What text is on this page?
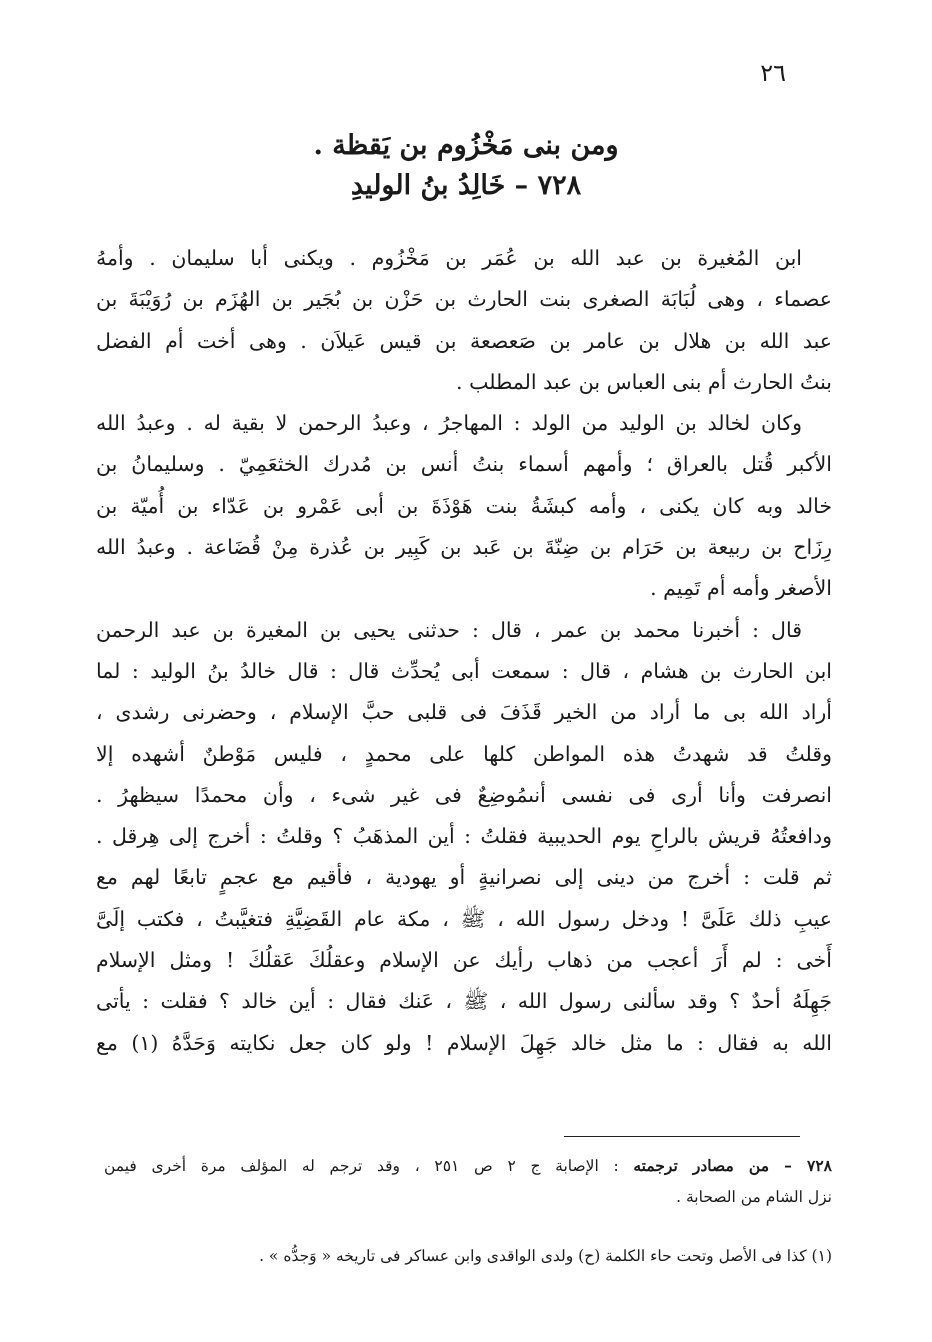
٢٦
ومن بنى مَخْزُوم بن يَقظة .
٧٢٨ – خَالِدُ بنُ الوليدِ
ابن المُغيرة بن عبد الله بن عُمَر بن مَخْزُوم . ويكنى أبا سليمان . وأمهُ
عصماء ، وهى لُبَابَة الصغرى بنت الحارث بن حَزْن بن بُجَير بن الهُزَم بن رُوَيْبَةَ بن
عبد الله بن هلال بن عامر بن صَعصعة بن قيس عَيلاَن . وهى أخت أم الفضل
بنتُ الحارث أم بنى العباس بن عبد المطلب .
وكان لخالد بن الوليد من الولد : المهاجرُ ، وعبدُ الرحمن لا بقية له . وعبدُ الله
الأكبر قُتل بالعراق ؛ وأمهم أسماء بنتُ أنس بن مُدرك الخثعَمِيّ . وسليمانُ بن
خالد وبه كان يكنى ، وأمه كبشَةُ بنت هَوْذَةَ بن أبى عَمْرو بن عَدّاء بن أُميّة بن
رِزَاح بن ربيعة بن حَرَام بن ضِنّةَ بن عَبد بن كَبِير بن عُذرة مِنْ قُضَاعة . وعبدُ الله
الأصغر وأمه أم تَمِيم .
قال : أخبرنا محمد بن عمر ، قال : حدثنى يحيى بن المغيرة بن عبد الرحمن
ابن الحارث بن هشام ، قال : سمعت أبى يُحدِّث قال : قال خالدُ بنُ الوليد : لما
أراد الله بى ما أراد من الخير قَذَفَ فى قلبى حبَّ الإسلام ، وحضرنى رشدى ،
وقلتُ قد شهدتُ هذه المواطن كلها على محمدٍ ، فليس مَوْطنٌ أشهده إلا
انصرفت وأنا أرى فى نفسى أنىمُوضِعٌ فى غير شىء ، وأن محمدًا سيظهرُ .
ودافعتُهُ قريش بالراحِ يوم الحديبية فقلتُ : أين المذهَبُ ؟ وقلتُ : أخرج إلى هِرقل .
ثم قلت : أخرج من دينى إلى نصرانيةٍ أو يهودية ، فأقيم مع عجمٍ تابعًا لهم مع
عيبِ ذلك عَلَىَّ ! ودخل رسول الله ، ﷺ ، مكة عام القَضِيَّةِ فتغيَّبتُ ، فكتب إلَىَّ
أَخى : لم أَرَ أعجب من ذهاب رأيك عن الإسلام وعقلُكَ عَقلُكَ ! ومثل الإسلام
جَهِلَهُ أحدٌ ؟ وقد سألنى رسول الله ، ﷺ ، عَنك فقال : أين خالد ؟ فقلت : يأتى
الله به فقال : ما مثل خالد جَهِلَ الإسلام ! ولو كان جعل نكايته وَحَدَّهُ (١) مع
٧٢٨ – من مصادر ترجمته : الإصابة ج ٢ ص ٢٥١ ، وقد ترجم له المؤلف مرة أخرى فيمن
نزل الشام من الصحابة .
(١) كذا فى الأصل وتحت حاء الكلمة (ح) ولدى الواقدى وابن عساكر فى تاريخه « وَجدُّه » .
